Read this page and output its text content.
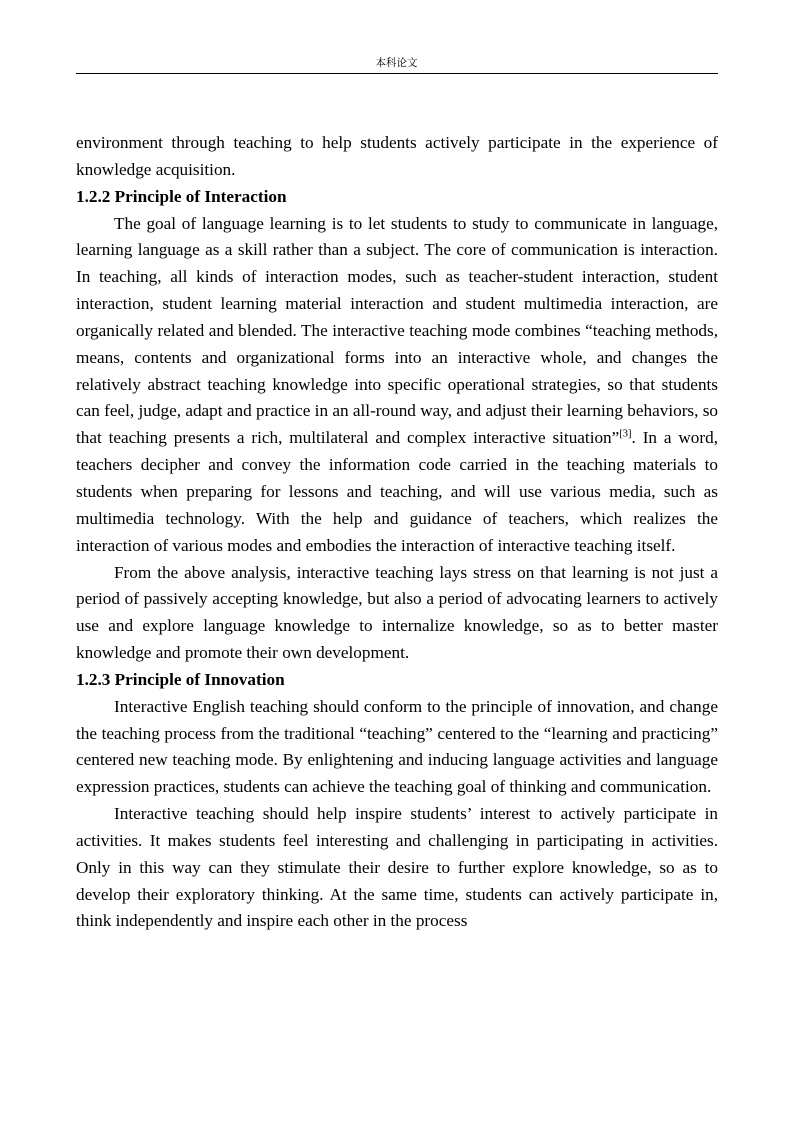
本科论文

environment through teaching to help students actively participate in the experience of knowledge acquisition.

1.2.2 Principle of Interaction

The goal of language learning is to let students to study to communicate in language, learning language as a skill rather than a subject. The core of communication is interaction. In teaching, all kinds of interaction modes, such as teacher-student interaction, student interaction, student learning material interaction and student multimedia interaction, are organically related and blended. The interactive teaching mode combines “teaching methods, means, contents and organizational forms into an interactive whole, and changes the relatively abstract teaching knowledge into specific operational strategies, so that students can feel, judge, adapt and practice in an all-round way, and adjust their learning behaviors, so that teaching presents a rich, multilateral and complex interactive situation”[3]. In a word, teachers decipher and convey the information code carried in the teaching materials to students when preparing for lessons and teaching, and will use various media, such as multimedia technology. With the help and guidance of teachers, which realizes the interaction of various modes and embodies the interaction of interactive teaching itself.

From the above analysis, interactive teaching lays stress on that learning is not just a period of passively accepting knowledge, but also a period of advocating learners to actively use and explore language knowledge to internalize knowledge, so as to better master knowledge and promote their own development.

1.2.3 Principle of Innovation

Interactive English teaching should conform to the principle of innovation, and change the teaching process from the traditional “teaching” centered to the “learning and practicing” centered new teaching mode. By enlightening and inducing language activities and language expression practices, students can achieve the teaching goal of thinking and communication.

Interactive teaching should help inspire students’ interest to actively participate in activities. It makes students feel interesting and challenging in participating in activities. Only in this way can they stimulate their desire to further explore knowledge, so as to develop their exploratory thinking. At the same time, students can actively participate in, think independently and inspire each other in the process
